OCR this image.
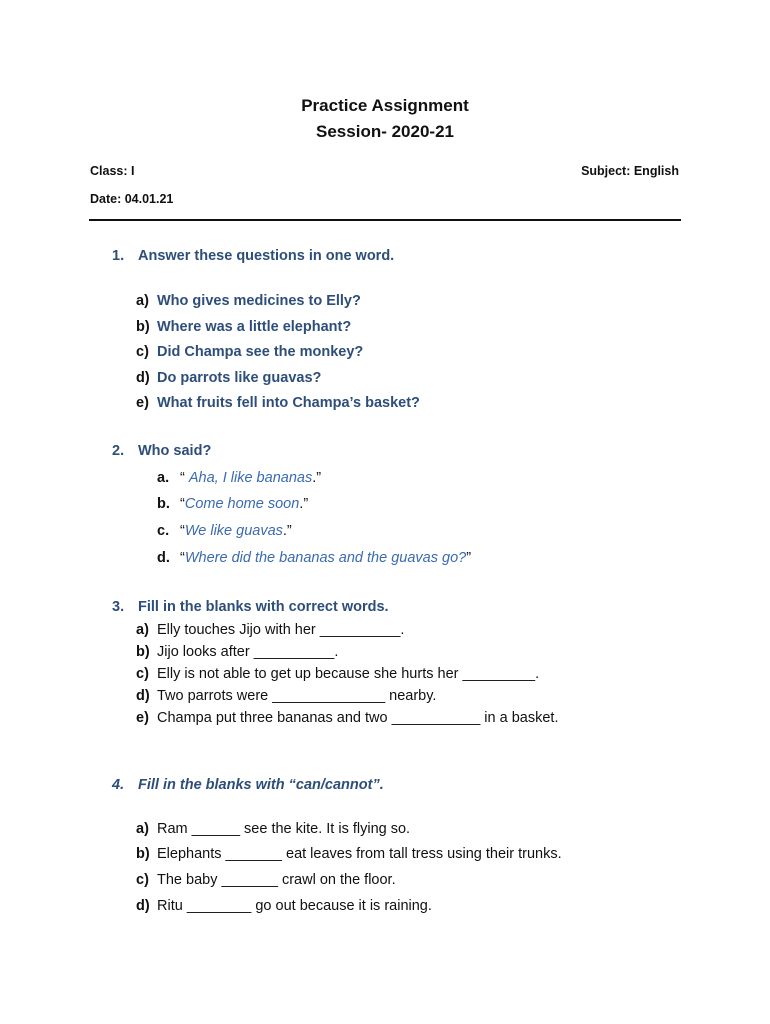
Practice Assignment
Session- 2020-21
Class: I	Subject: English
Date: 04.01.21
1. Answer these questions in one word.
a) Who gives medicines to Elly?
b) Where was a little elephant?
c) Did Champa see the monkey?
d) Do parrots like guavas?
e) What fruits fell into Champa’s basket?
2. Who said?
a. “ Aha, I like bananas.”
b. “Come home soon.”
c. “We like guavas.”
d. “Where did the bananas and the guavas go?”
3. Fill in the blanks with correct words.
a) Elly touches Jijo with her __________.
b) Jijo looks after __________.
c) Elly is not able to get up because she hurts her _________.
d) Two parrots were ______________ nearby.
e) Champa put three bananas and two ___________ in a basket.
4. Fill in the blanks with “can/cannot”.
a) Ram ______ see the kite. It is flying so.
b) Elephants _______ eat leaves from tall tress using their trunks.
c) The baby _______ crawl on the floor.
d) Ritu ________ go out because it is raining.
